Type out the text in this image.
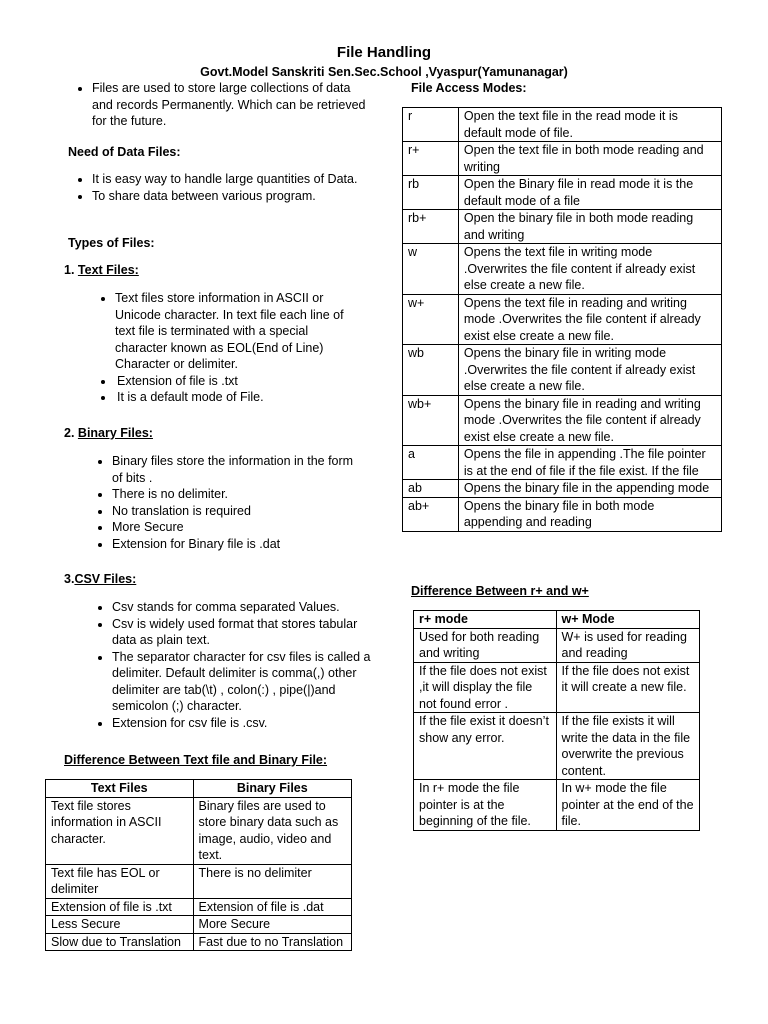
File Handling
Govt.Model Sanskriti Sen.Sec.School ,Vyaspur(Yamunanagar)
• Files are used to store large collections of data and records Permanently. Which can be retrieved for the future.
Need of Data Files:
• It is easy way to handle large quantities of Data.
• To share data between various program.
Types of Files:
1. Text Files:
• Text files store information in ASCII or Unicode character. In text file each line of text file is terminated with a special character known as EOL(End of Line) Character or delimiter.
• Extension of file is .txt
• It is a default mode of File.
2. Binary Files:
• Binary files store the information in the form of bits .
• There is no delimiter.
• No translation is required
• More Secure
• Extension for Binary file is .dat
3.CSV Files:
• Csv stands for comma separated Values.
• Csv is widely used format that stores tabular data as plain text.
• The separator character for csv files is called a delimiter. Default delimiter is comma(,) other delimiter are tab(\t) , colon(:) , pipe(|)and semicolon (;) character.
• Extension for csv file is .csv.
Difference Between Text file and Binary File:
Text Files	Binary Files
Text file stores information in ASCII character.	Binary files are used to store binary data such as image, audio, video and text.
Text file has EOL or delimiter	There is no delimiter
Extension of file is .txt	Extension of file is .dat
Less Secure	More Secure
Slow due to Translation	Fast due to no Translation
File Access Modes:
r	Open the text file in the read mode it is default mode of file.
r+	Open the text file in both mode reading and writing
rb	Open the Binary file in read mode it is the default mode of a file
rb+	Open the binary file in both mode reading and writing
w	Opens the text file in writing mode .Overwrites the file content if already exist else create a new file.
w+	Opens the text file in reading and writing mode .Overwrites the file content if already exist else create a new file.
wb	Opens the binary file in writing mode .Overwrites the file content if already exist else create a new file.
wb+	Opens the binary file in reading and writing mode .Overwrites the file content if already exist else create a new file.
a	Opens the file in appending .The file pointer is at the end of file if the file exist. If the file
ab	Opens the binary file in the appending mode
ab+	Opens the binary file in both mode appending and reading
Difference Between r+ and w+
r+ mode	w+ Mode
Used for both reading and writing	W+ is used for reading and reading
If the file does not exist ,it will display the file not found error .	If the file does not exist it will create a new file.
If the file exist it doesn’t show any error.	If the file exists it will write the data in the file overwrite the previous content.
In r+ mode the file pointer is at the beginning of the file.	In w+ mode the file pointer at the end of the file.
